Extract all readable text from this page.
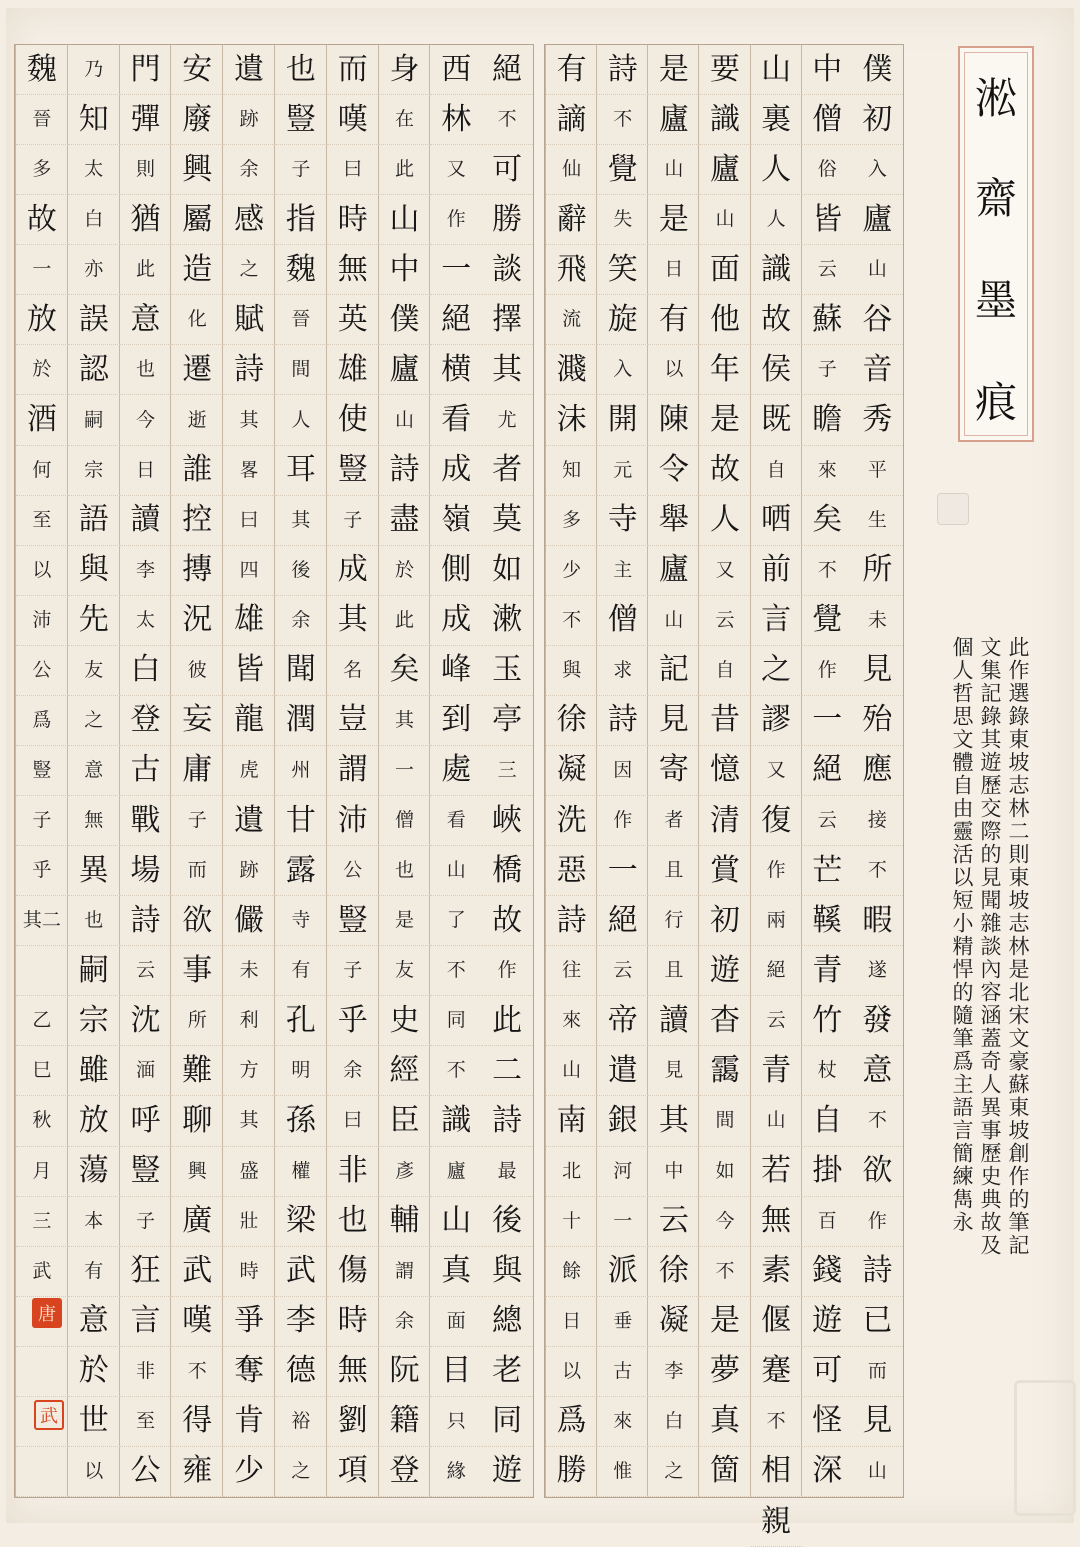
絕
不
可
勝
談
擇
其
尤
者
莫
如
漱
玉
亭
三
峽
橋
故
作
此
二
詩
最
後
與
總
老
同
遊
西
林
又
作
一
絕
横
看
成
嶺
側
成
峰
到
處
看
山
了
不
同
不
識
廬
山
真
面
目
只
緣
身
在
此
山
中
僕
廬
山
詩
盡
於
此
矣
其
一
僧
也
是
友
史
經
臣
彥
輔
謂
余
阮
籍
登
而
嘆
曰
時
無
英
雄
使
豎
子
成
其
名
豈
謂
沛
公
豎
子
乎
余
曰
非
也
傷
時
無
劉
項
也
豎
子
指
魏
晉
間
人
耳
其
後
余
聞
潤
州
甘
露
寺
有
孔
明
孫
權
梁
武
李
德
裕
之
遺
跡
余
感
之
賦
詩
其
畧
曰
四
雄
皆
龍
虎
遺
跡
儼
未
利
方
其
盛
壯
時
爭
奪
肯
少
安
廢
興
屬
造
化
遷
逝
誰
控
摶
況
彼
妄
庸
子
而
欲
事
所
難
聊
興
廣
武
嘆
不
得
雍
門
彈
則
猶
此
意
也
今
日
讀
李
太
白
登
古
戰
場
詩
云
沈
湎
呼
豎
子
狂
言
非
至
公
乃
知
太
白
亦
誤
認
嗣
宗
語
與
先
友
之
意
無
異
也
嗣
宗
雖
放
蕩
本
有
意
於
世
以
魏
晉
多
故
一
放
於
酒
何
至
以
沛
公
爲
豎
子
乎
其二
乙
巳
秋
月
三
武
僕
初
入
廬
山
谷
音
秀
平
生
所
未
見
殆
應
接
不
暇
遂
發
意
不
欲
作
詩
已
而
見
山
中
僧
俗
皆
云
蘇
子
瞻
來
矣
不
覺
作
一
絕
云
芒
鞵
青
竹
杖
自
掛
百
錢
遊
可
怪
深
山
裏
人
人
識
故
侯
既
自
哂
前
言
之
謬
又
復
作
兩
絕
云
青
山
若
無
素
偃
蹇
不
相
親
要
識
廬
山
面
他
年
是
故
人
又
云
自
昔
憶
清
賞
初
遊
杳
靄
間
如
今
不
是
夢
真
箇
是
廬
山
是
日
有
以
陳
令
舉
廬
山
記
見
寄
者
且
行
且
讀
見
其
中
云
徐
凝
李
白
之
詩
不
覺
失
笑
旋
入
開
元
寺
主
僧
求
詩
因
作
一
絕
云
帝
遣
銀
河
一
派
垂
古
來
惟
有
謫
仙
辭
飛
流
濺
沫
知
多
少
不
與
徐
凝
洗
惡
詩
往
來
山
南
北
十
餘
日
以
爲
勝
唐
武
淞
齋
墨
痕
此作選錄東坡志林二則東坡志林是北宋文豪蘇東坡創作的筆記
文集記錄其遊歷交際的見聞雜談內容涵蓋奇人異事歷史典故及
個人哲思文體自由靈活以短小精悍的隨筆爲主語言簡練雋永
